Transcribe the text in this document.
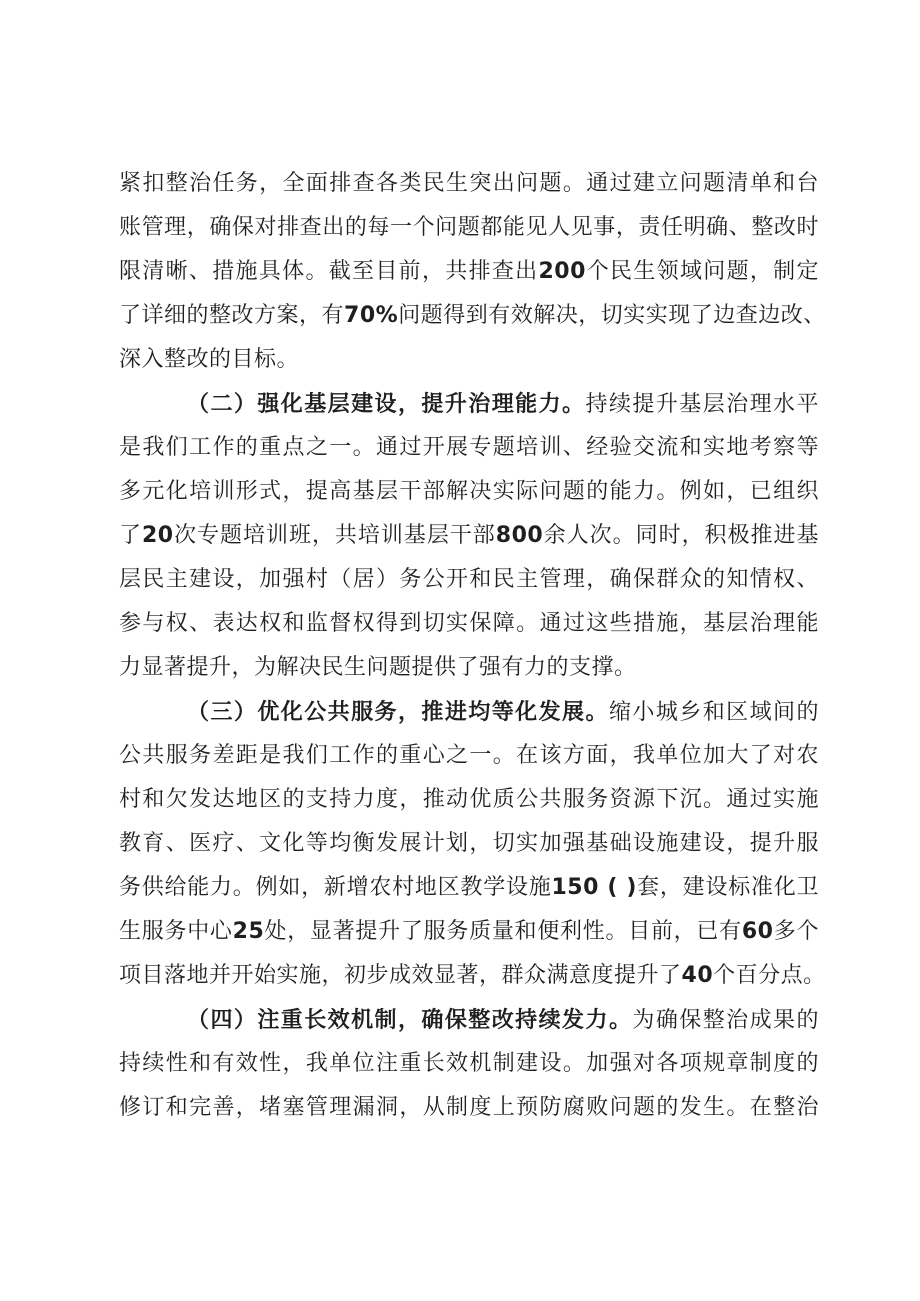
紧扣整治任务，全面排查各类民生突出问题。通过建立问题清单和台
账管理，确保对排查出的每一个问题都能见人见事，责任明确、整改时
限清晰、措施具体。截至目前，共排查出200个民生领域问题，制定
了详细的整改方案，有70%问题得到有效解决，切实实现了边查边改、
深入整改的目标。
（二）强化基层建设，提升治理能力。持续提升基层治理水平
是我们工作的重点之一。通过开展专题培训、经验交流和实地考察等
多元化培训形式，提高基层干部解决实际问题的能力。例如，已组织
了20次专题培训班，共培训基层干部800余人次。同时，积极推进基
层民主建设，加强村（居）务公开和民主管理，确保群众的知情权、
参与权、表达权和监督权得到切实保障。通过这些措施，基层治理能
力显著提升，为解决民生问题提供了强有力的支撑。
（三）优化公共服务，推进均等化发展。缩小城乡和区域间的
公共服务差距是我们工作的重心之一。在该方面，我单位加大了对农
村和欠发达地区的支持力度，推动优质公共服务资源下沉。通过实施
教育、医疗、文化等均衡发展计划，切实加强基础设施建设，提升服
务供给能力。例如，新增农村地区教学设施150 ( )套，建设标准化卫
生服务中心25处，显著提升了服务质量和便利性。目前，已有60多个
项目落地并开始实施，初步成效显著，群众满意度提升了40个百分点。
（四）注重长效机制，确保整改持续发力。为确保整治成果的
持续性和有效性，我单位注重长效机制建设。加强对各项规章制度的
修订和完善，堵塞管理漏洞，从制度上预防腐败问题的发生。在整治
